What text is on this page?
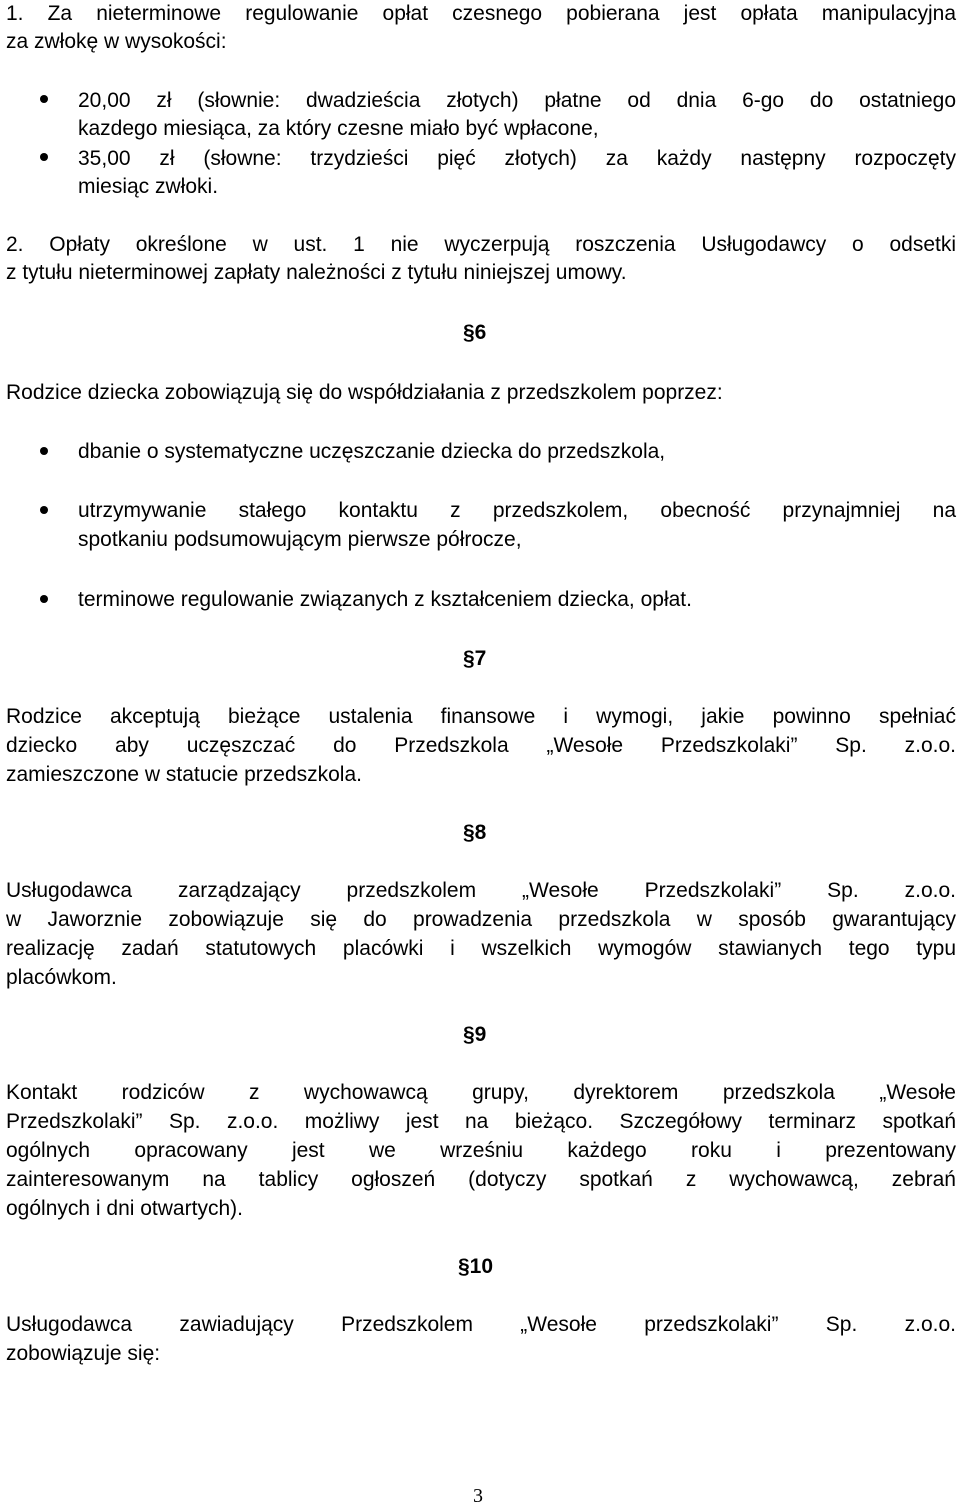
1. Za nieterminowe regulowanie opłat czesnego pobierana jest opłata manipulacyjna

za zwłokę w wysokości:

20,00 zł (słownie: dwadzieścia złotych) płatne od dnia 6-go do ostatniego

kazdego miesiąca, za który czesne miało być wpłacone,

35,00 zł (słowne: trzydzieści pięć złotych) za każdy następny rozpoczęty

miesiąc zwłoki.

2. Opłaty określone w ust. 1 nie wyczerpują roszczenia Usługodawcy o odsetki

z tytułu nieterminowej zapłaty należności z tytułu niniejszej umowy.

§6

Rodzice dziecka zobowiązują się do współdziałania z przedszkolem poprzez:

dbanie o systematyczne uczęszczanie dziecka do przedszkola,

utrzymywanie stałego kontaktu z przedszkolem, obecność przynajmniej na

spotkaniu podsumowującym pierwsze półrocze,

terminowe regulowanie związanych z kształceniem dziecka, opłat.

§7

Rodzice akceptują bieżące ustalenia finansowe i wymogi, jakie powinno spełniać

dziecko aby uczęszczać do Przedszkola „Wesołe Przedszkolaki” Sp. z.o.o.

zamieszczone w statucie przedszkola.

§8

Usługodawca zarządzający przedszkolem „Wesołe Przedszkolaki” Sp. z.o.o.

w Jaworznie zobowiązuje się do prowadzenia przedszkola w sposób gwarantujący

realizację zadań statutowych placówki i wszelkich wymogów stawianych tego typu

placówkom.

§9

Kontakt rodziców z wychowawcą grupy, dyrektorem przedszkola „Wesołe

Przedszkolaki” Sp. z.o.o. możliwy jest na bieżąco. Szczegółowy terminarz spotkań

ogólnych opracowany jest we wrześniu każdego roku i prezentowany

zainteresowanym na tablicy ogłoszeń (dotyczy spotkań z wychowawcą, zebrań

ogólnych i dni otwartych).

§10

Usługodawca zawiadujący Przedszkolem „Wesołe przedszkolaki” Sp. z.o.o.

zobowiązuje się:

3
